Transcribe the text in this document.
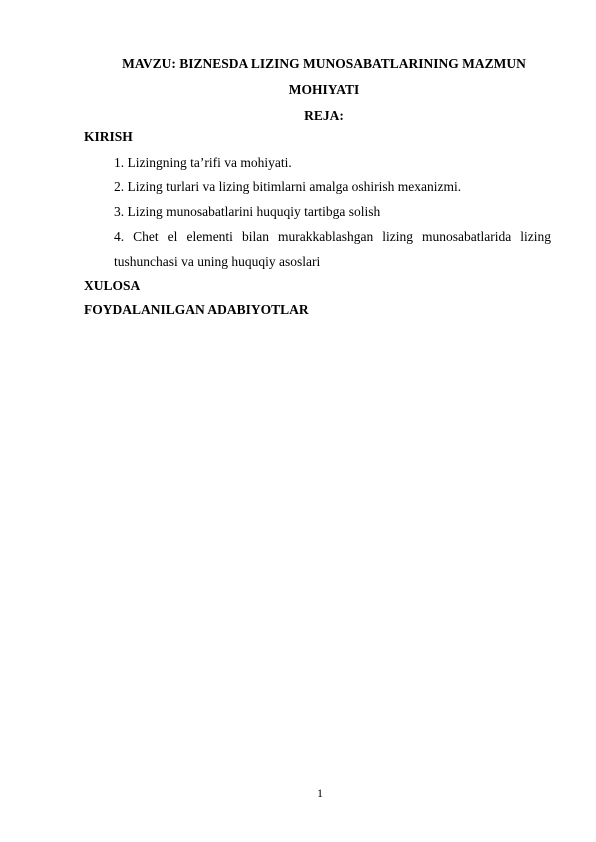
MAVZU: BIZNESDA LIZING MUNOSABATLARINING MAZMUN
MOHIYATI
REJA:
KIRISH
1. Lizingning ta’rifi va mohiyati.
2. Lizing turlari va lizing bitimlarni amalga oshirish mexanizmi.
3. Lizing munosabatlarini huquqiy tartibga solish
4. Chet el elementi bilan murakkablashgan lizing munosabatlarida lizing
tushunchasi va uning huquqiy asoslari
XULOSA
FOYDALANILGAN ADABIYOTLAR
1
